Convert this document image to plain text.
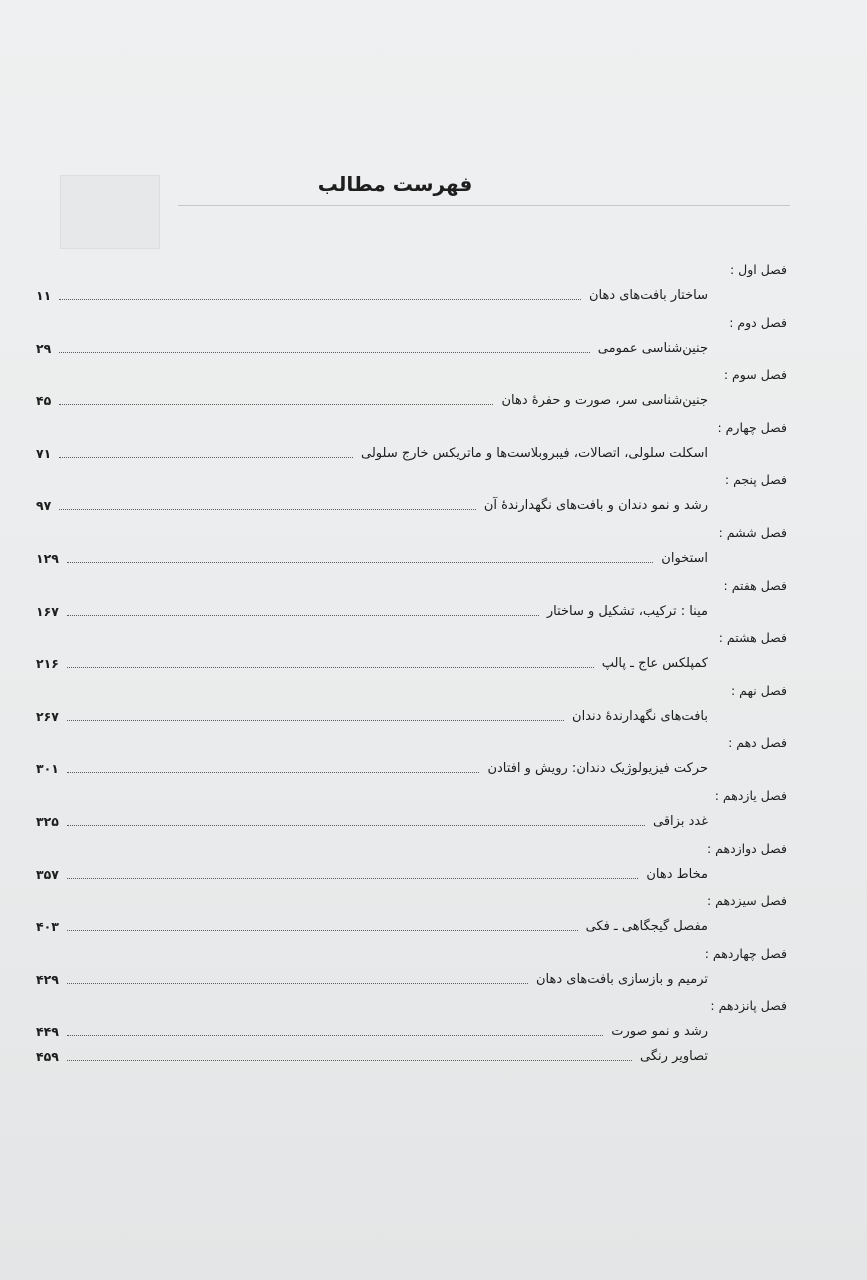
فهرست مطالب
فصل اول :
ساختار بافت‌های دهان
۱۱
فصل دوم :
جنین‌شناسی عمومی
۲۹
فصل سوم :
جنین‌شناسی سر، صورت و حفرهٔ دهان
۴۵
فصل چهارم :
اسکلت سلولی، اتصالات، فیبروبلاست‌ها و ماتریکس خارج سلولی
۷۱
فصل پنجم :
رشد و نمو دندان و بافت‌های نگهدارندهٔ آن
۹۷
فصل ششم :
استخوان
۱۲۹
فصل هفتم :
مینا : ترکیب، تشکیل و ساختار
۱۶۷
فصل هشتم :
کمپلکس عاج ـ پالپ
۲۱۶
فصل نهم :
بافت‌های نگهدارندهٔ دندان
۲۶۷
فصل دهم :
حرکت فیزیولوژیک دندان: رویش و افتادن
۳۰۱
فصل یازدهم :
غدد بزاقی
۳۲۵
فصل دوازدهم :
مخاط دهان
۳۵۷
فصل سیزدهم :
مفصل گیجگاهی ـ فکی
۴۰۳
فصل چهاردهم :
ترمیم و بازسازی بافت‌های دهان
۴۲۹
فصل پانزدهم :
رشد و نمو صورت
۴۴۹
تصاویر رنگی
۴۵۹
